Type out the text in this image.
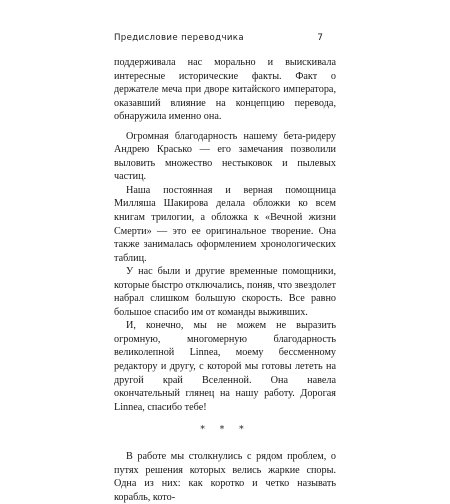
Предисловие переводчика	7

поддерживала нас морально и выискивала интересные исторические факты. Факт о держателе меча при дворе китайского императора, оказавший влияние на концепцию перевода, обнаружила именно она.

Огромная благодарность нашему бета-ридеру Андрею Красько — его замечания позволили выловить множество нестыковок и пылевых частиц.

Наша постоянная и верная помощница Милляша Шакирова делала обложки ко всем книгам трилогии, а обложка к «Вечной жизни Смерти» — это ее оригинальное творение. Она также занималась оформлением хронологических таблиц.

У нас были и другие временные помощники, которые быстро отключались, поняв, что звездолет набрал слишком большую скорость. Все равно большое спасибо им от команды выживших.

И, конечно, мы не можем не выразить огромную, многомерную благодарность великолепной Linnea, моему бессменному редактору и другу, с которой мы готовы лететь на другой край Вселенной. Она навела окончательный глянец на нашу работу. Дорогая Linnea, спасибо тебе!

* * *

В работе мы столкнулись с рядом проблем, о путях решения которых велись жаркие споры. Одна из них: как коротко и четко называть корабль, кото-
